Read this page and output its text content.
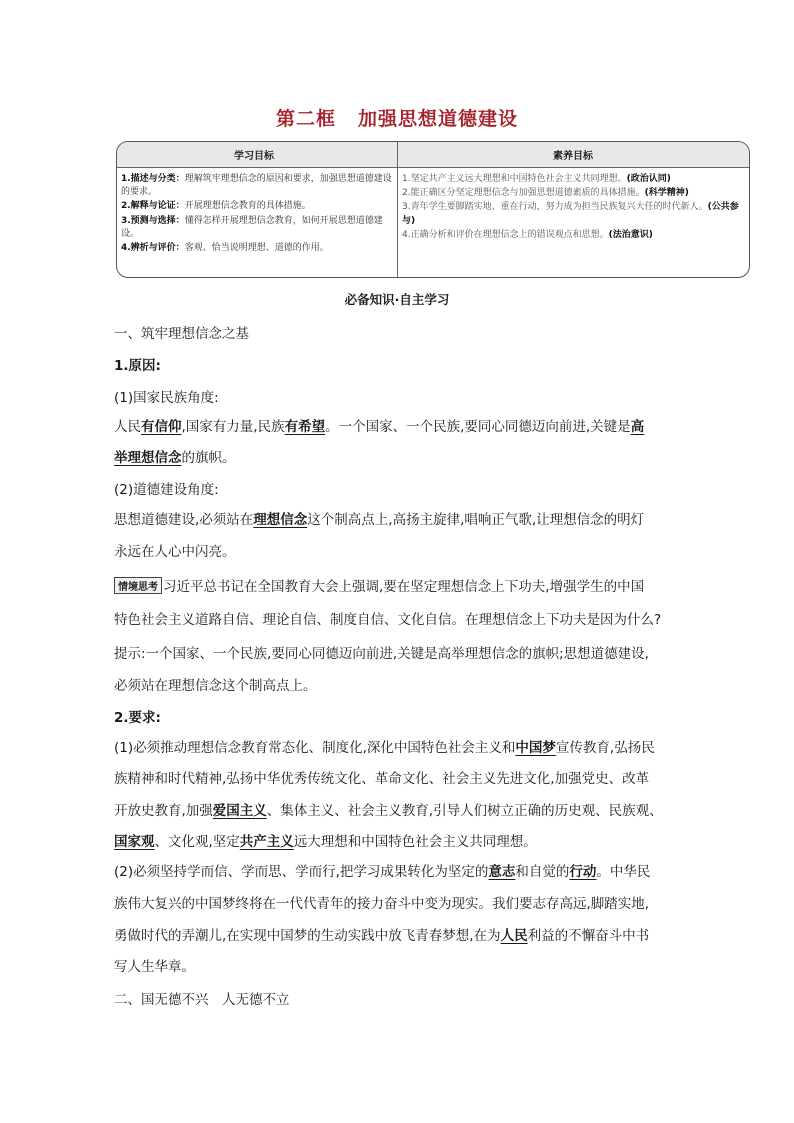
第二框 加强思想道德建设
学习目标	素养目标

1.描述与分类：理解筑牢理想信念的原因和要求，加强思想道德建设的要求。

2.解释与论证：开展理想信念教育的具体措施。

3.预测与选择：懂得怎样开展理想信念教育，如何开展思想道德建设。

4.辨析与评价：客观、恰当说明理想、道德的作用。

1.坚定共产主义远大理想和中国特色社会主义共同理想。(政治认同)

2.能正确区分坚定理想信念与加强思想道德素质的具体措施。(科学精神)

3.青年学生要脚踏实地、重在行动，努力成为担当民族复兴大任的时代新人。(公共参与)

4.正确分析和评价在理想信念上的错误观点和思想。(法治意识)

必备知识·自主学习
一、筑牢理想信念之基
1.原因:
(1)国家民族角度:
人民有信仰,国家有力量,民族有希望。一个国家、一个民族,要同心同德迈向前进,关键是高
举理想信念的旗帜。
(2)道德建设角度:
思想道德建设,必须站在理想信念这个制高点上,高扬主旋律,唱响正气歌,让理想信念的明灯
永远在人心中闪亮。
情境思考 习近平总书记在全国教育大会上强调,要在坚定理想信念上下功夫,增强学生的中国
特色社会主义道路自信、理论自信、制度自信、文化自信。在理想信念上下功夫是因为什么?
提示:一个国家、一个民族,要同心同德迈向前进,关键是高举理想信念的旗帜;思想道德建设,
必须站在理想信念这个制高点上。
2.要求:
(1)必须推动理想信念教育常态化、制度化,深化中国特色社会主义和中国梦宣传教育,弘扬民
族精神和时代精神,弘扬中华优秀传统文化、革命文化、社会主义先进文化,加强党史、改革
开放史教育,加强爱国主义、集体主义、社会主义教育,引导人们树立正确的历史观、民族观、
国家观、文化观,坚定共产主义远大理想和中国特色社会主义共同理想。
(2)必须坚持学而信、学而思、学而行,把学习成果转化为坚定的意志和自觉的行动。中华民
族伟大复兴的中国梦终将在一代代青年的接力奋斗中变为现实。我们要志存高远,脚踏实地,
勇做时代的弄潮儿,在实现中国梦的生动实践中放飞青春梦想,在为人民利益的不懈奋斗中书
写人生华章。
二、国无德不兴　人无德不立
